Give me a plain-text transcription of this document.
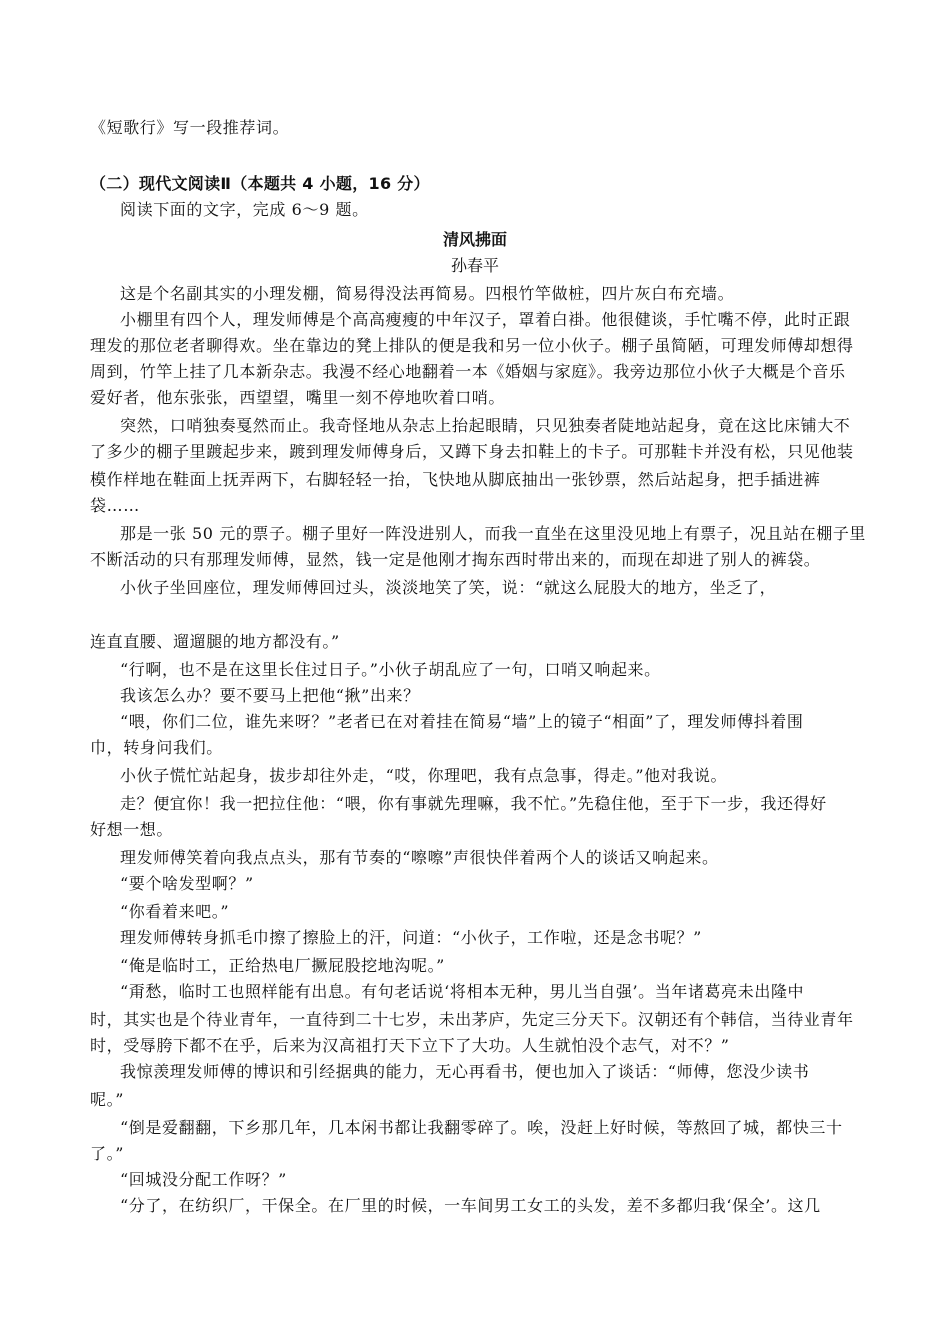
《短歌行》写一段推荐词。
（二）现代文阅读Ⅱ（本题共 4 小题，16 分）
阅读下面的文字，完成 6～9 题。
清风拂面
孙春平
这是个名副其实的小理发棚，简易得没法再简易。四根竹竿做桩，四片灰白布充墙。
小棚里有四个人，理发师傅是个高高瘦瘦的中年汉子，罩着白褂。他很健谈，手忙嘴不停，此时正跟
理发的那位老者聊得欢。坐在靠边的凳上排队的便是我和另一位小伙子。棚子虽简陋，可理发师傅却想得
周到，竹竿上挂了几本新杂志。我漫不经心地翻着一本《婚姻与家庭》。我旁边那位小伙子大概是个音乐
爱好者，他东张张，西望望，嘴里一刻不停地吹着口哨。
突然，口哨独奏戛然而止。我奇怪地从杂志上抬起眼睛，只见独奏者陡地站起身，竟在这比床铺大不
了多少的棚子里踱起步来，踱到理发师傅身后，又蹲下身去扣鞋上的卡子。可那鞋卡并没有松，只见他装
模作样地在鞋面上抚弄两下，右脚轻轻一抬，飞快地从脚底抽出一张钞票，然后站起身，把手插进裤
袋……
那是一张 50 元的票子。棚子里好一阵没进别人，而我一直坐在这里没见地上有票子，况且站在棚子里
不断活动的只有那理发师傅，显然，钱一定是他刚才掏东西时带出来的，而现在却进了别人的裤袋。
小伙子坐回座位，理发师傅回过头，淡淡地笑了笑，说：“就这么屁股大的地方，坐乏了，
连直直腰、遛遛腿的地方都没有。”
“行啊，也不是在这里长住过日子。”小伙子胡乱应了一句，口哨又响起来。
我该怎么办？要不要马上把他“揪”出来？
“喂，你们二位，谁先来呀？”老者已在对着挂在简易“墙”上的镜子“相面”了，理发师傅抖着围
巾，转身问我们。
小伙子慌忙站起身，拔步却往外走，“哎，你理吧，我有点急事，得走。”他对我说。
走？便宜你！我一把拉住他：“喂，你有事就先理嘛，我不忙。”先稳住他，至于下一步，我还得好
好想一想。
理发师傅笑着向我点点头，那有节奏的“嚓嚓”声很快伴着两个人的谈话又响起来。
“要个啥发型啊？”
“你看着来吧。”
理发师傅转身抓毛巾擦了擦脸上的汗，问道：“小伙子，工作啦，还是念书呢？”
“俺是临时工，正给热电厂撅屁股挖地沟呢。”
“甭愁，临时工也照样能有出息。有句老话说‘将相本无种，男儿当自强’。当年诸葛亮未出隆中
时，其实也是个待业青年，一直待到二十七岁，未出茅庐，先定三分天下。汉朝还有个韩信，当待业青年
时，受辱胯下都不在乎，后来为汉高祖打天下立下了大功。人生就怕没个志气，对不？”
我惊羡理发师傅的博识和引经据典的能力，无心再看书，便也加入了谈话：“师傅，您没少读书
呢。”
“倒是爱翻翻，下乡那几年，几本闲书都让我翻零碎了。唉，没赶上好时候，等熬回了城，都快三十
了。”
“回城没分配工作呀？”
“分了，在纺织厂，干保全。在厂里的时候，一车间男工女工的头发，差不多都归我‘保全’。这几
